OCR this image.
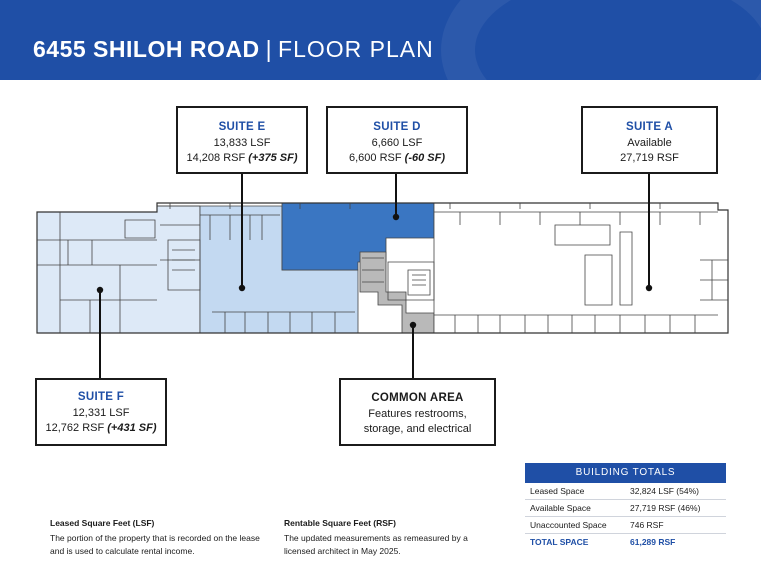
6455 SHILOH ROAD | FLOOR PLAN
SUITE E
13,833 LSF
14,208 RSF (+375 SF)
SUITE D
6,660 LSF
6,600 RSF (-60 SF)
SUITE A
Available
27,719 RSF
SUITE F
12,331 LSF
12,762 RSF (+431 SF)
COMMON AREA
Features restrooms,
storage, and electrical
BUILDING TOTALS
Leased Space	32,824 LSF (54%)
Available Space	27,719 RSF (46%)
Unaccounted Space	746 RSF
TOTAL SPACE	61,289 RSF
Leased Square Feet (LSF)
The portion of the property that is recorded on the lease and is used to calculate rental income.
Rentable Square Feet (RSF)
The updated measurements as remeasured by a licensed architect in May 2025.
